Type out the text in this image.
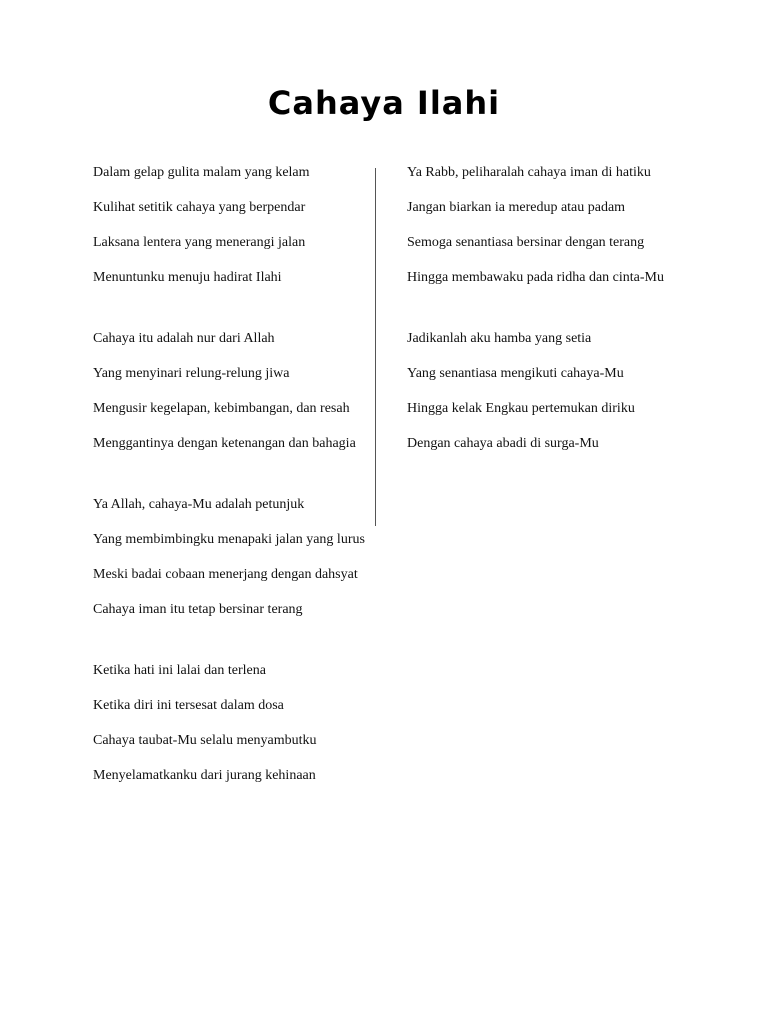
Cahaya Ilahi
Dalam gelap gulita malam yang kelam
Kulihat setitik cahaya yang berpendar
Laksana lentera yang menerangi jalan
Menuntunku menuju hadirat Ilahi
Cahaya itu adalah nur dari Allah
Yang menyinari relung-relung jiwa
Mengusir kegelapan, kebimbangan, dan resah
Menggantinya dengan ketenangan dan bahagia
Ya Allah, cahaya-Mu adalah petunjuk
Yang membimbingku menapaki jalan yang lurus
Meski badai cobaan menerjang dengan dahsyat
Cahaya iman itu tetap bersinar terang
Ketika hati ini lalai dan terlena
Ketika diri ini tersesat dalam dosa
Cahaya taubat-Mu selalu menyambutku
Menyelamatkanku dari jurang kehinaan
Ya Rabb, peliharalah cahaya iman di hatiku
Jangan biarkan ia meredup atau padam
Semoga senantiasa bersinar dengan terang
Hingga membawaku pada ridha dan cinta-Mu
Jadikanlah aku hamba yang setia
Yang senantiasa mengikuti cahaya-Mu
Hingga kelak Engkau pertemukan diriku
Dengan cahaya abadi di surga-Mu
